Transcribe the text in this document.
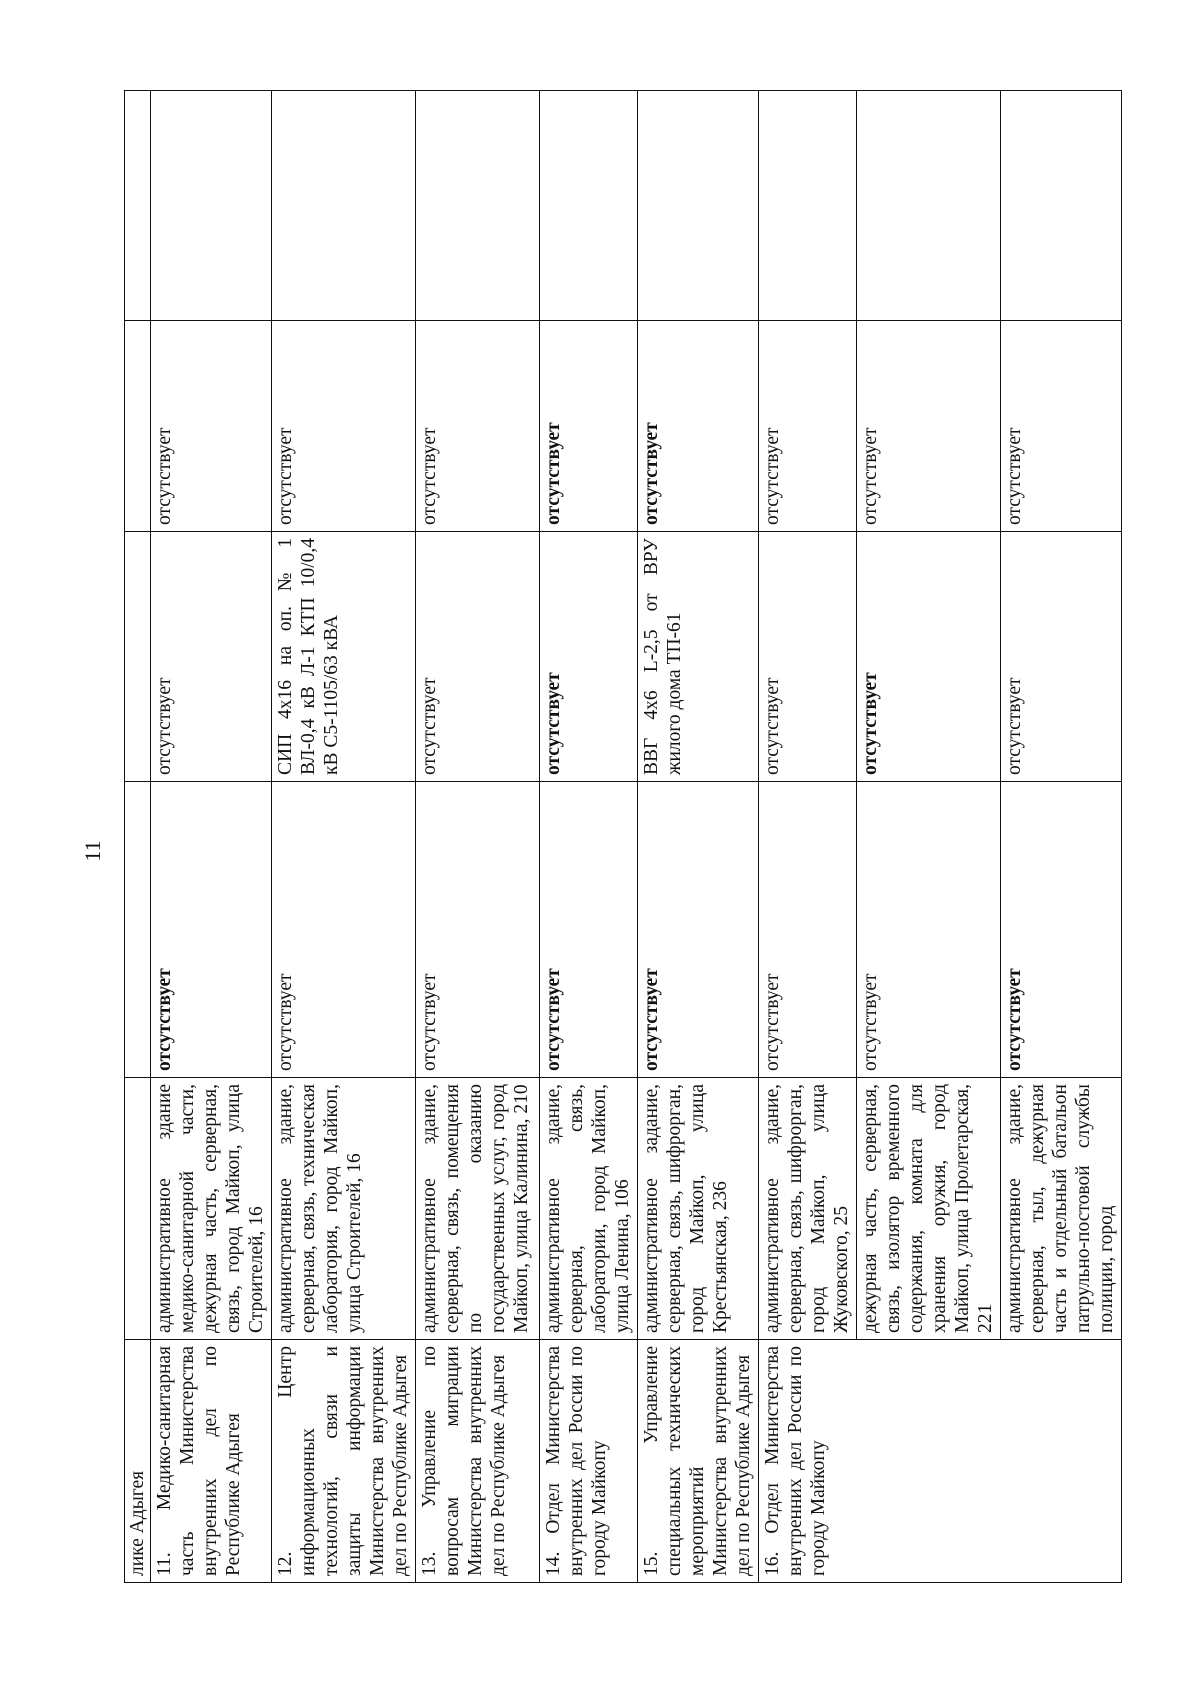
11
лике Адыгея					
11. Медико-санитарная часть Министерства внутренних дел по Республике Адыгея	административное здание медико-санитарной части, дежурная часть, серверная, связь, город Майкоп, улица Строителей, 16	отсутствует	отсутствует	отсутствует	
12. Центр информационных технологий, связи и защиты информации Министерства внутренних дел по Республике Адыгея	административное здание, серверная, связь, техническая лаборатория, город Майкоп, улица Строителей, 16	отсутствует	СИП 4х16 на оп. № 1 ВЛ-0,4 кВ Л-1 КТП 10/0,4 кВ С5-1105/63 кВА	отсутствует	
13. Управление по вопросам миграции Министерства внутренних дел по Республике Адыгея	административное здание, серверная, связь, помещения по оказанию государственных услуг, город Майкоп, улица Калинина, 210	отсутствует	отсутствует	отсутствует	
14. Отдел Министерства внутренних дел России по городу Майкопу	административное здание, серверная, связь, лаборатории, город Майкоп, улица Ленина, 106	отсутствует	отсутствует	отсутствует	
15. Управление специальных технических мероприятий Министерства внутренних дел по Республике Адыгея	административное задание, серверная, связь, шифрорган, город Майкоп, улица Крестьянская, 236	отсутствует	ВВГ 4х6 L-2,5 от ВРУ жилого дома ТП-61	отсутствует	
16. Отдел Министерства внутренних дел России по городу Майкопу	административное здание, серверная, связь, шифрорган, город Майкоп, улица Жуковского, 25	отсутствует	отсутствует	отсутствует	
	дежурная часть, серверная, связь, изолятор временного содержания, комната для хранения оружия, город Майкоп, улица Пролетарская, 221	отсутствует	отсутствует	отсутствует	
	административное здание, серверная, тыл, дежурная часть и отдельный батальон патрульно-постовой службы полиции, город	отсутствует	отсутствует	отсутствует	
